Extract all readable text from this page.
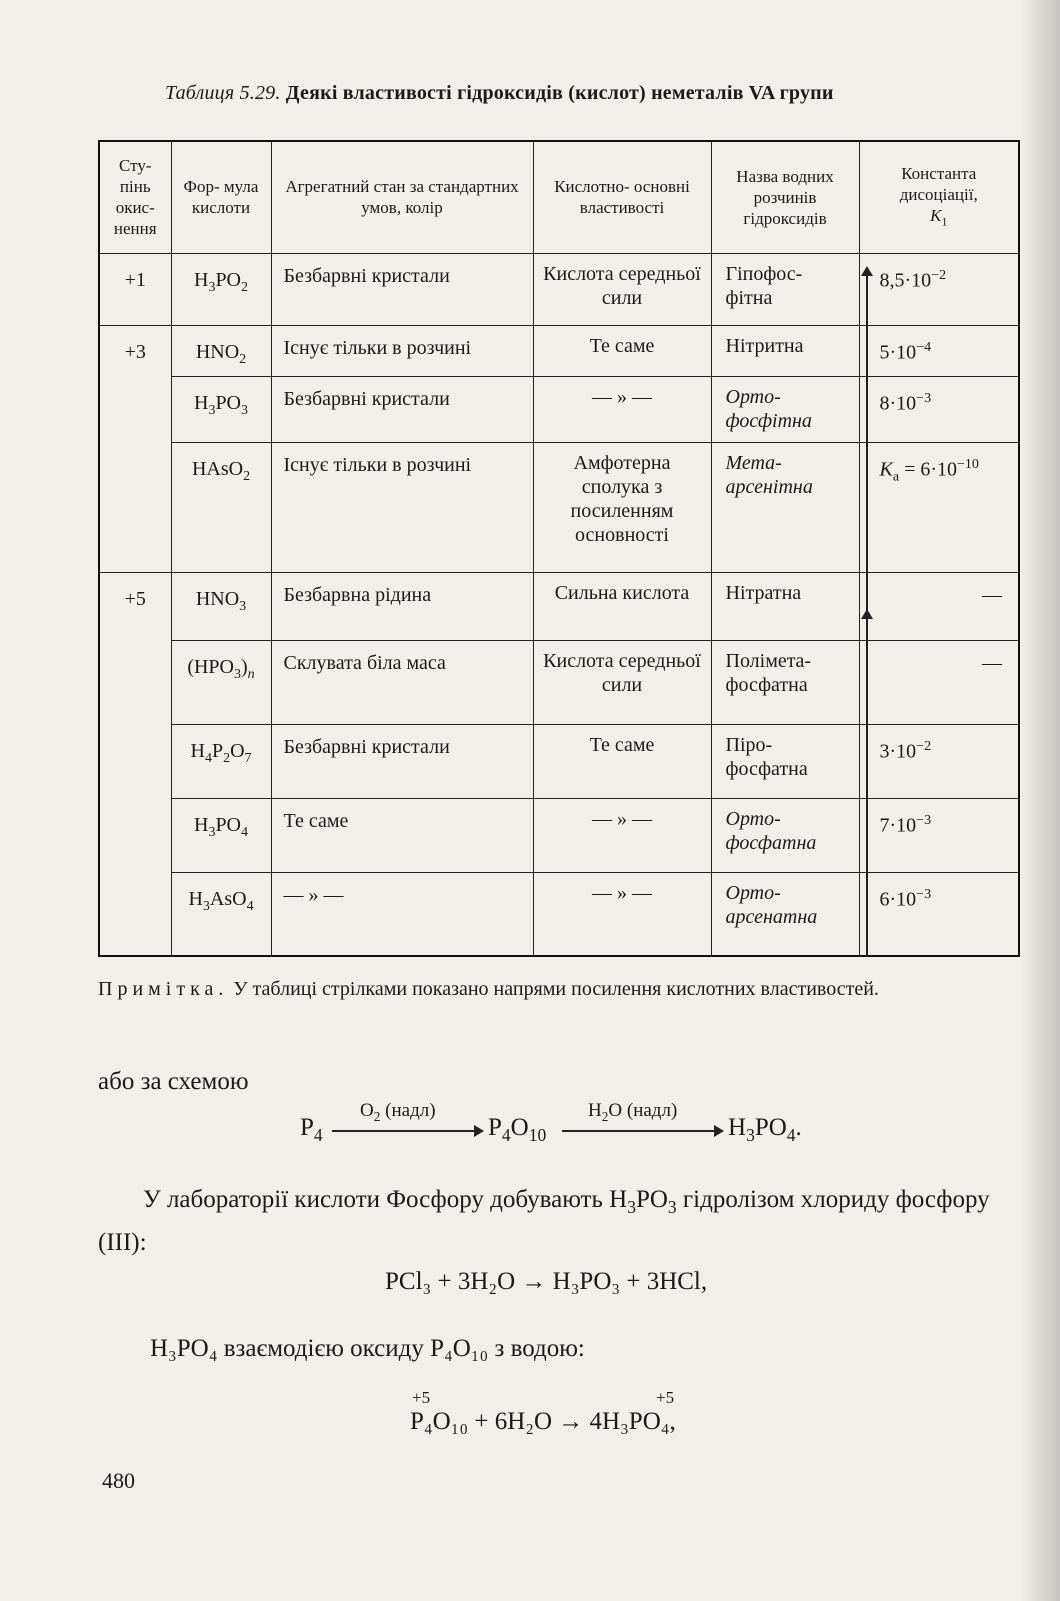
Таблиця 5.29. Деякі властивості гідроксидів (кислот) неметалів VA групи
Сту- пінь окис- нення	Фор- мула кислоти	Агрегатний стан за стандартних умов, колір	Кислотно- основні властивості	Назва водних розчинів гідроксидів	Константа дисоціації,
$K_1$
+1	$H_3PO_2$	Безбарвні кристали	Кислота середньої сили	Гіпофос- фітна	$8,5\cdot 10^{-2}$

+3	$HNO_2$	Існує тільки в розчині	Те саме	Нітритна	$5\cdot 10^{-4}$
	$H_3PO_3$	Безбарвні кристали	— » —	Орто- фосфітна	$8\cdot 10^{-3}$
	HAsO$_2$	Існує тільки в розчині	Амфотерна сполука з посиленням основності	Мета- арсенітна	$K_a = 6\cdot 10^{-10}$
+5	$HNO_3$	Безбарвна рідина	Сильна кислота	Нітратна	—

	$(HPO_3)_n$	Склувата біла маса	Кислота середньої сили	Поліметa- фосфатна	—
	$H_4P_2O_7$	Безбарвні кристали	Те саме	Піро- фосфатна	$3\cdot 10^{-2}$
	$H_3PO_4$	Те саме	— » —	Орто- фосфатна	$7\cdot 10^{-3}$
	$H_3AsO_4$	— » —	— » —	Орто- арсенатна	$6\cdot 10^{-3}$
Примітка. У таблиці стрілками показано напрями посилення кислотних властивостей.
або за схемою
$P_4$
$O_2$ (надл)
$P_4O_{10}$
$H_2O$ (надл)
$H_3PO_4$.
У лабораторії кислоти Фосфору добувають $H_3PO_3$ гідролізом хлориду фосфору (III):
PCl₃ + 3H₂O → H₃PO₃ + 3HCl,
H₃PO₄ взаємодією оксиду P₄O₁₀ з водою:
+5	+5
P₄O₁₀ + 6H₂O → 4H₃PO₄,
480
